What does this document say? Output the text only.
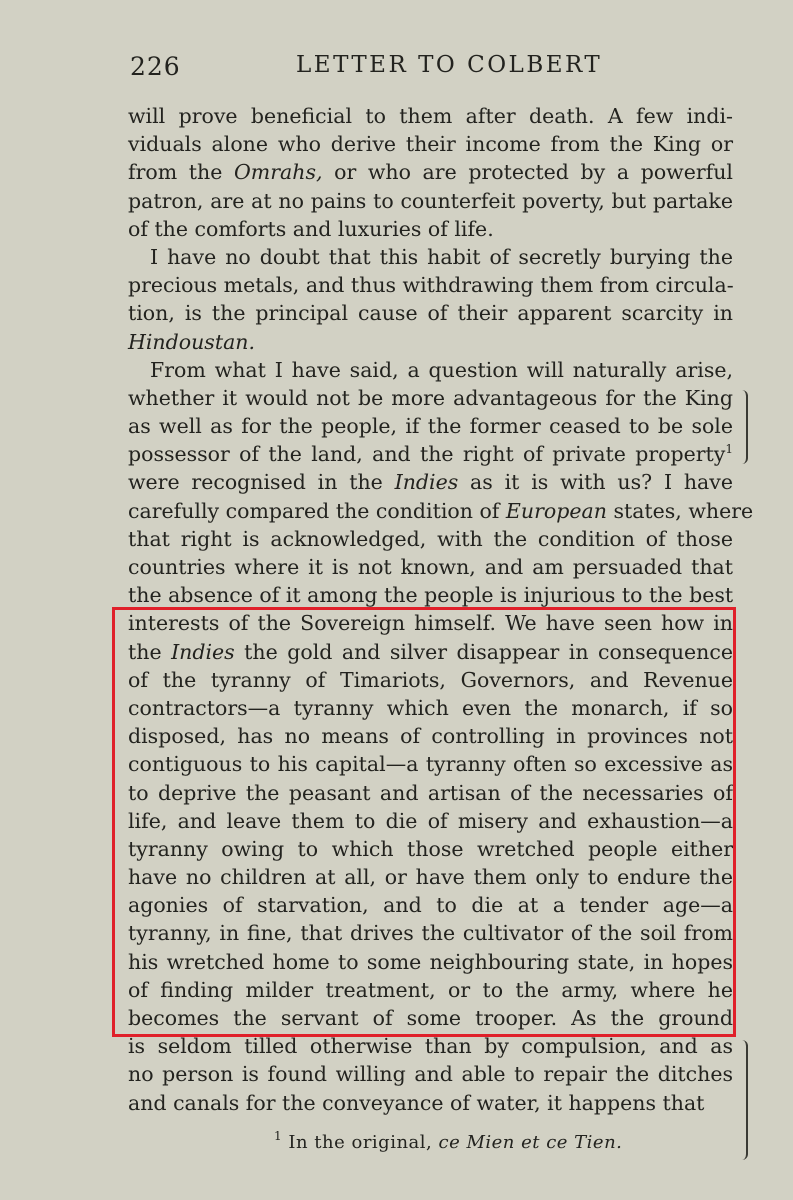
226	LETTER TO COLBERT
will prove beneficial to them after death. A few indi-
viduals alone who derive their income from the King or
from the Omrahs, or who are protected by a powerful
patron, are at no pains to counterfeit poverty, but partake
of the comforts and luxuries of life.
I have no doubt that this habit of secretly burying the
precious metals, and thus withdrawing them from circula-
tion, is the principal cause of their apparent scarcity in
Hindoustan.
From what I have said, a question will naturally arise,
whether it would not be more advantageous for the King
as well as for the people, if the former ceased to be sole
possessor of the land, and the right of private property$^1$
were recognised in the Indies as it is with us? I have
carefully compared the condition of European states, where
that right is acknowledged, with the condition of those
countries where it is not known, and am persuaded that
the absence of it among the people is injurious to the best
interests of the Sovereign himself. We have seen how in
the Indies the gold and silver disappear in consequence
of the tyranny of Timariots, Governors, and Revenue
contractors—a tyranny which even the monarch, if so
disposed, has no means of controlling in provinces not
contiguous to his capital—a tyranny often so excessive as
to deprive the peasant and artisan of the necessaries of
life, and leave them to die of misery and exhaustion—a
tyranny owing to which those wretched people either
have no children at all, or have them only to endure the
agonies of starvation, and to die at a tender age—a
tyranny, in fine, that drives the cultivator of the soil from
his wretched home to some neighbouring state, in hopes
of finding milder treatment, or to the army, where he
becomes the servant of some trooper. As the ground
is seldom tilled otherwise than by compulsion, and as
no person is found willing and able to repair the ditches
and canals for the conveyance of water, it happens that
$^1$ In the original, ce Mien et ce Tien.
